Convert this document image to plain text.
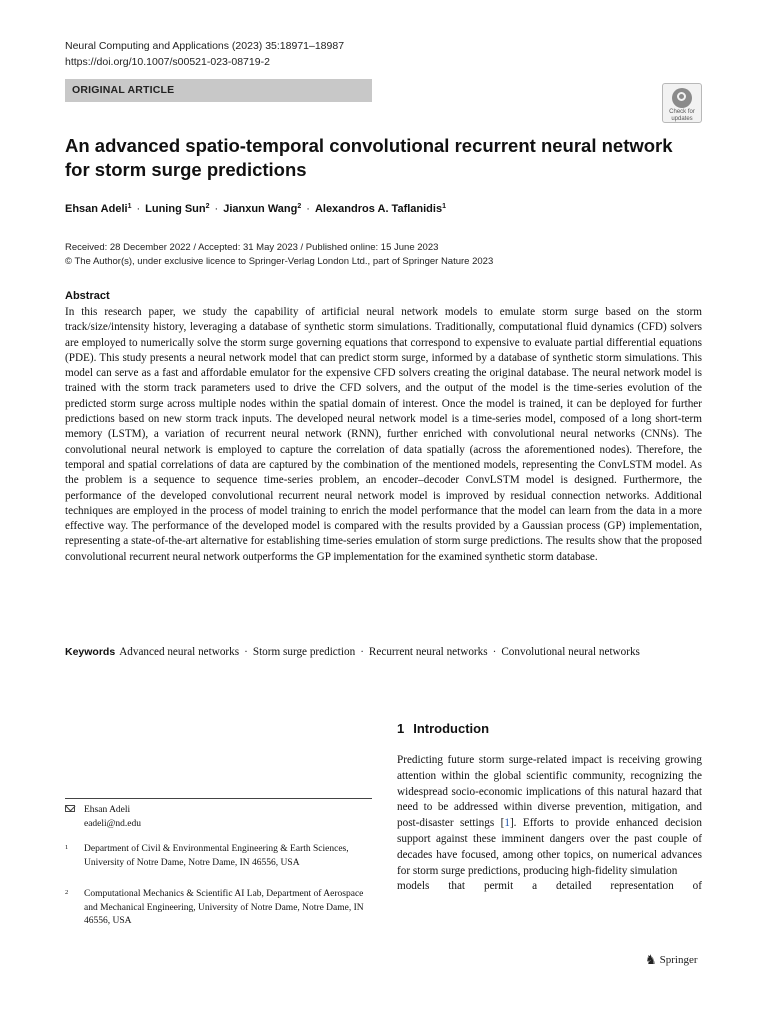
Neural Computing and Applications (2023) 35:18971–18987
https://doi.org/10.1007/s00521-023-08719-2
ORIGINAL ARTICLE
Check for
updates
An advanced spatio-temporal convolutional recurrent neural network
for storm surge predictions
Ehsan Adeli$^1$ · Luning Sun$^2$ · Jianxun Wang$^2$ · Alexandros A. Taflanidis$^1$
Received: 28 December 2022 / Accepted: 31 May 2023 / Published online: 15 June 2023
© The Author(s), under exclusive licence to Springer-Verlag London Ltd., part of Springer Nature 2023
Abstract

In this research paper, we study the capability of artificial neural network models to emulate storm surge based on the storm track/size/intensity history, leveraging a database of synthetic storm simulations. Traditionally, computational fluid dynamics (CFD) solvers are employed to numerically solve the storm surge governing equations that correspond to expensive to evaluate partial differential equations (PDE). This study presents a neural network model that can predict storm surge, informed by a database of synthetic storm simulations. This model can serve as a fast and affordable emulator for the expensive CFD solvers creating the original database. The neural network model is trained with the storm track parameters used to drive the CFD solvers, and the output of the model is the time-series evolution of the predicted storm surge across multiple nodes within the spatial domain of interest. Once the model is trained, it can be deployed for further predictions based on new storm track inputs. The developed neural network model is a time-series model, composed of a long short-term memory (LSTM), a variation of recurrent neural network (RNN), further enriched with convolutional neural networks (CNNs). The convolutional neural network is employed to capture the correlation of data spatially (across the aforementioned nodes). Therefore, the temporal and spatial correlations of data are captured by the combination of the mentioned models, representing the ConvLSTM model. As the problem is a sequence to sequence time-series problem, an encoder–decoder ConvLSTM model is designed. Furthermore, the performance of the developed convolutional recurrent neural network model is improved by residual connection networks. Additional techniques are employed in the process of model training to enrich the model performance that the model can learn from the data in a more effective way. The performance of the developed model is compared with the results provided by a Gaussian process (GP) implementation, representing a state-of-the-art alternative for establishing time-series emulation of storm surge predictions. The results show that the proposed convolutional recurrent neural network outperforms the GP implementation for the examined synthetic storm database.

Keywords Advanced neural networks · Storm surge prediction · Recurrent neural networks · Convolutional neural networks

1 Introduction
Predicting future storm surge-related impact is receiving growing attention within the global scientific community, recognizing the widespread socio-economic implications of this natural hazard that need to be addressed within diverse prevention, mitigation, and post-disaster settings [1]. Efforts to provide enhanced decision support against these imminent dangers over the past couple of decades have focused, among other topics, on numerical advances for storm surge predictions, producing high-fidelity simulation
models that permit a detailed representation of
Ehsan Adeli
eadeli@nd.edu
1 Department of Civil & Environmental Engineering & Earth Sciences, University of Notre Dame, Notre Dame, IN 46556, USA
2 Computational Mechanics & Scientific AI Lab, Department of Aerospace and Mechanical Engineering, University of Notre Dame, Notre Dame, IN 46556, USA
♞ Springer
